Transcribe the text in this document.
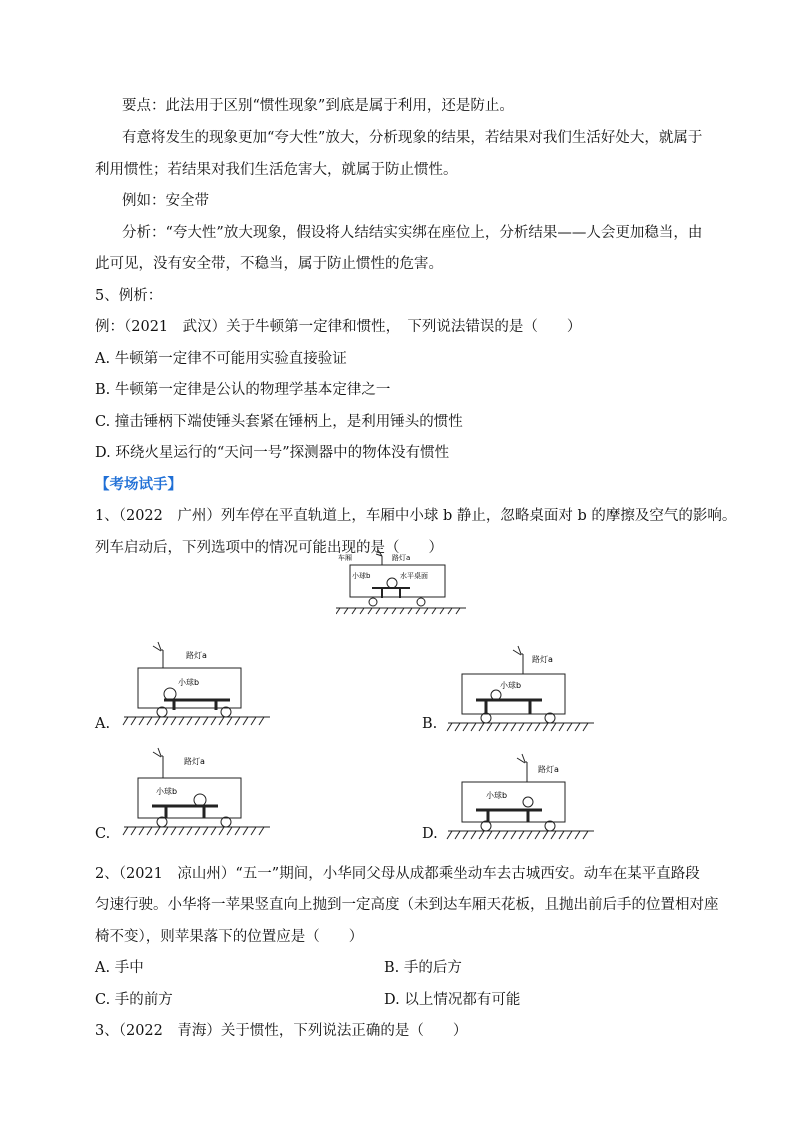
要点：此法用于区别“惯性现象”到底是属于利用，还是防止。
有意将发生的现象更加“夸大性”放大，分析现象的结果，若结果对我们生活好处大，就属于
利用惯性；若结果对我们生活危害大，就属于防止惯性。
例如：安全带
分析：“夸大性”放大现象，假设将人结结实实绑在座位上，分析结果——人会更加稳当，由
此可见，没有安全带，不稳当，属于防止惯性的危害。
5、例析：
例：（2021　武汉）关于牛顿第一定律和惯性，　下列说法错误的是（　　）
A. 牛顿第一定律不可能用实验直接验证
B. 牛顿第一定律是公认的物理学基本定律之一
C. 撞击锤柄下端使锤头套紧在锤柄上，是利用锤头的惯性
D. 环绕火星运行的“天问一号”探测器中的物体没有惯性
【考场试手】
1、（2022　广州）列车停在平直轨道上，车厢中小球 b 静止，忽略桌面对 b 的摩擦及空气的影响。
列车启动后，下列选项中的情况可能出现的是（　　）
车厢	路灯a
小球b	水平桌面
路灯a
小球b
A.
路灯a
小球b
B.
路灯a
小球b
C.
路灯a
小球b
D.
2、（2021　凉山州）“五一”期间，小华同父母从成都乘坐动车去古城西安。动车在某平直路段
匀速行驶。小华将一苹果竖直向上抛到一定高度（未到达车厢天花板，且抛出前后手的位置相对座
椅不变），则苹果落下的位置应是（　　）
A. 手中	B. 手的后方
C. 手的前方	D. 以上情况都有可能
3、（2022　青海）关于惯性，下列说法正确的是（　　）
